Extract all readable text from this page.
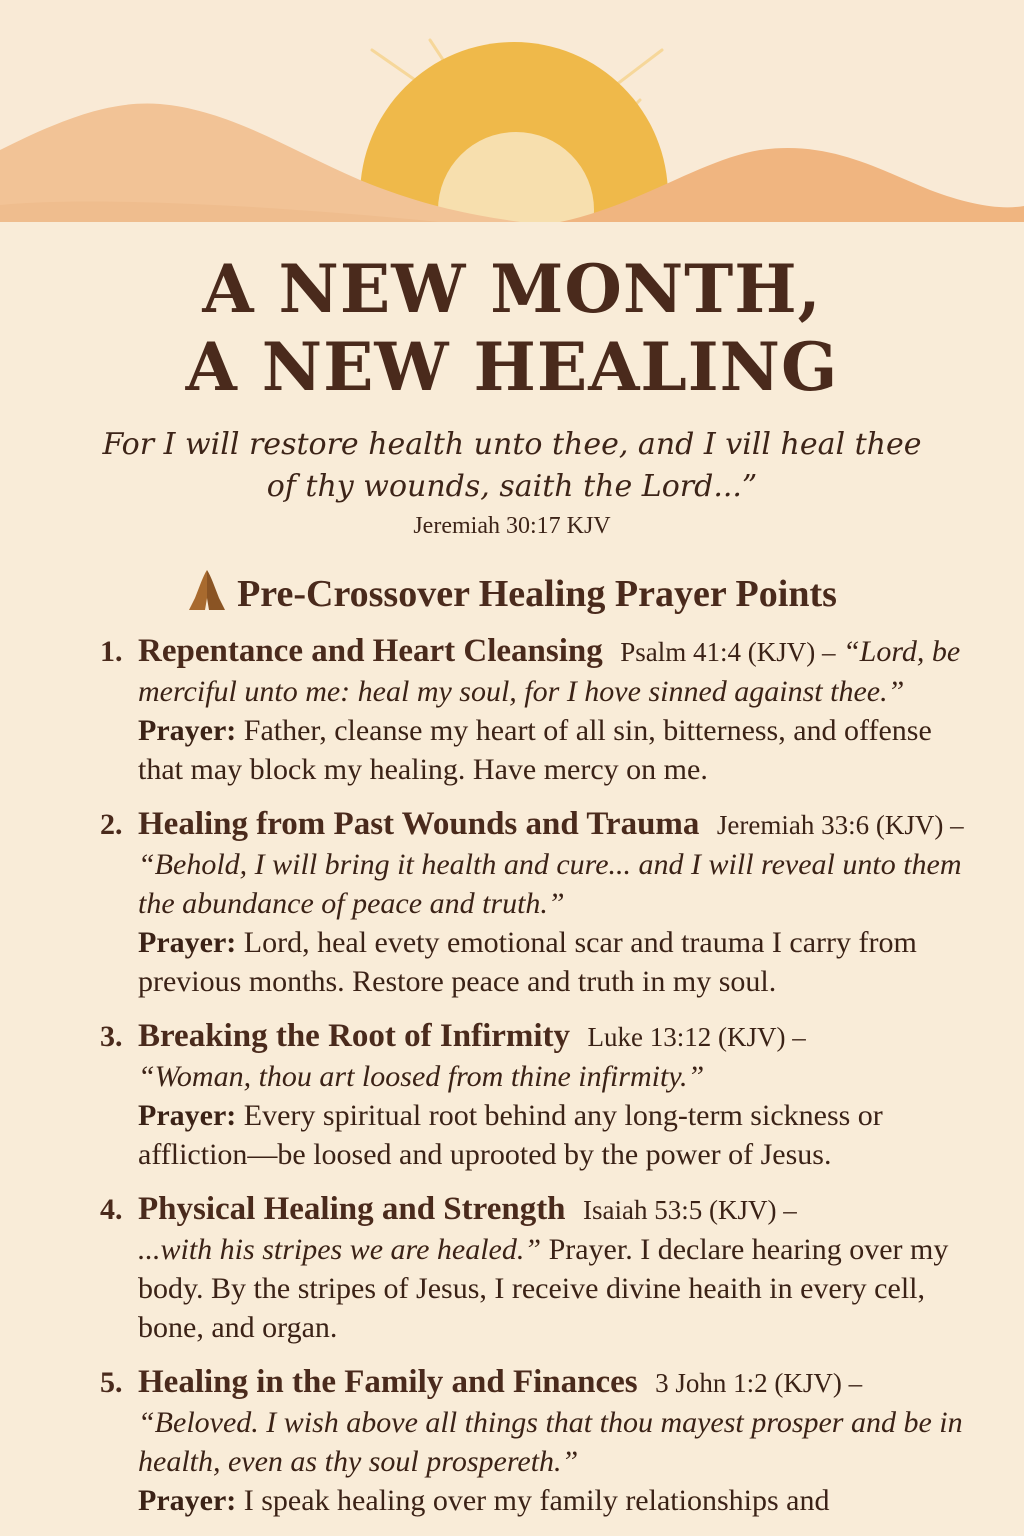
A NEW MONTH,
A NEW HEALING
For I will restore health unto thee, and I vill heal thee
of thy wounds, saith the Lord...”
Jeremiah 30:17 KJV
Pre-Crossover Healing Prayer Points
1. Repentance and Heart Cleansing Psalm 41:4 (KJV) – “Lord, be merciful unto me: heal my soul, for I hove sinned against thee.”
Prayer: Father, cleanse my heart of all sin, bitterness, and offense that may block my healing. Have mercy on me.
2. Healing from Past Wounds and Trauma Jeremiah 33:6 (KJV) – “Behold, I will bring it health and cure... and I will reveal unto them the abundance of peace and truth.”
Prayer: Lord, heal evety emotional scar and trauma I carry from previous months. Restore peace and truth in my soul.
3. Breaking the Root of Infirmity Luke 13:12 (KJV) –
“Woman, thou art loosed from thine infirmity.”
Prayer: Every spiritual root behind any long-term sickness or affliction—be loosed and uprooted by the power of Jesus.
4. Physical Healing and Strength Isaiah 53:5 (KJV) –
...with his stripes we are healed.” Prayer. I declare hearing over my body. By the stripes of Jesus, I receive divine heaith in every cell, bone, and organ.
5. Healing in the Family and Finances 3 John 1:2 (KJV) –
“Beloved. I wish above all things that thou mayest prosper and be in health, even as thy soul prospereth.”
Prayer: I speak healing over my family relationships and
